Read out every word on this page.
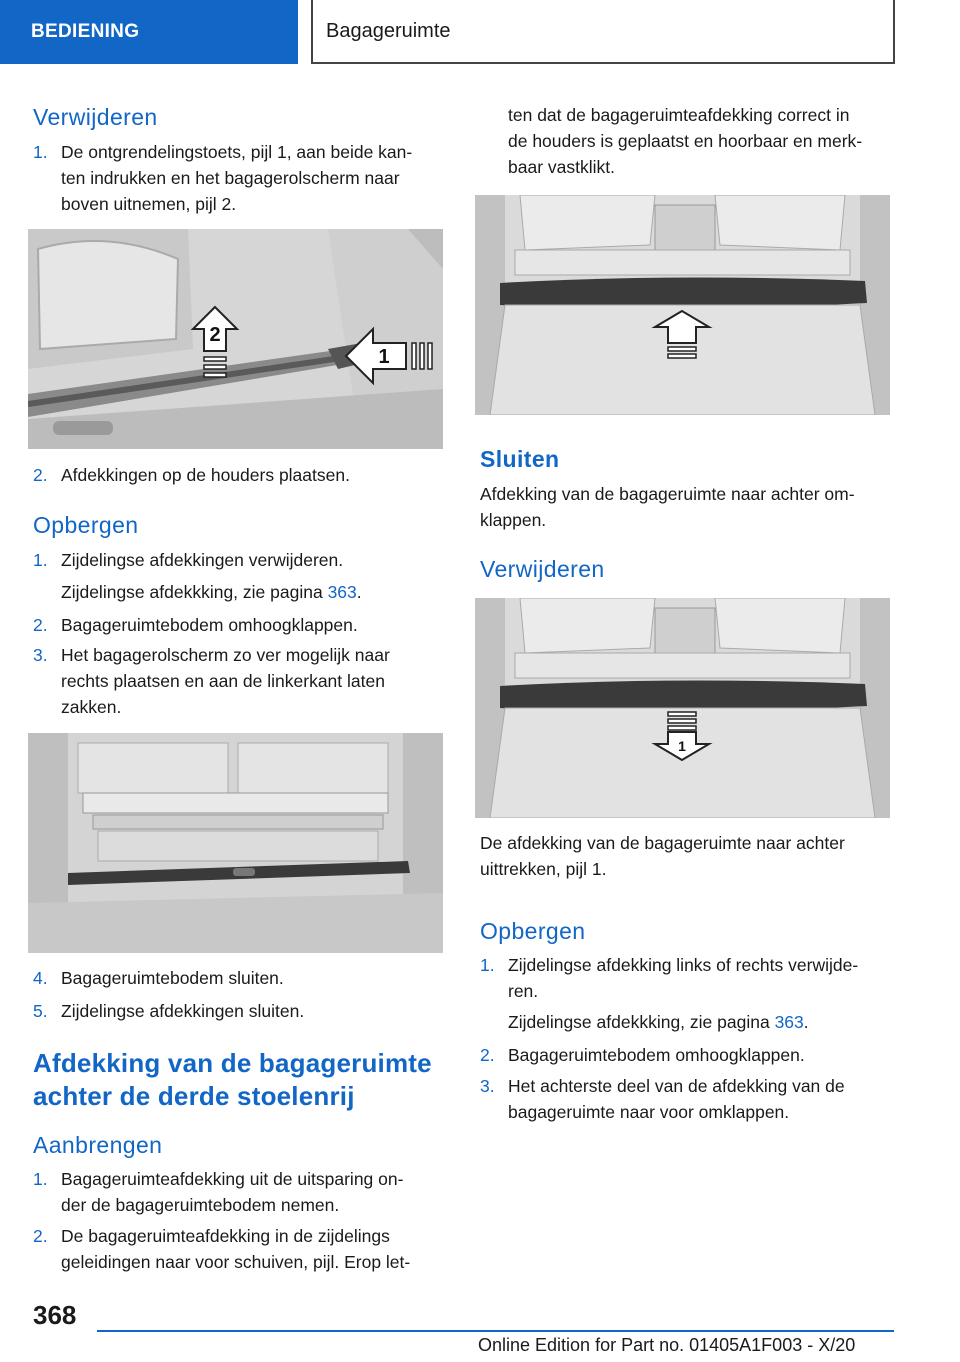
BEDIENING	Bagageruimte
Verwijderen
1. De ontgrendelingstoets, pijl 1, aan beide kan-
ten indrukken en het bagagerolscherm naar
boven uitnemen, pijl 2.
2
1
2. Afdekkingen op de houders plaatsen.
Opbergen
1. Zijdelingse afdekkingen verwijderen.
Zijdelingse afdekkking, zie pagina 363.
2. Bagageruimtebodem omhoogklappen.
3. Het bagagerolscherm zo ver mogelijk naar
rechts plaatsen en aan de linkerkant laten
zakken.
4. Bagageruimtebodem sluiten.
5. Zijdelingse afdekkingen sluiten.
Afdekking van de bagageruimte
achter de derde stoelenrij
Aanbrengen
1. Bagageruimteafdekking uit de uitsparing on-
der de bagageruimtebodem nemen.
2. De bagageruimteafdekking in de zijdelings
geleidingen naar voor schuiven, pijl. Erop let-
ten dat de bagageruimteafdekking correct in
de houders is geplaatst en hoorbaar en merk-
baar vastklikt.
Sluiten
Afdekking van de bagageruimte naar achter om-
klappen.
Verwijderen
1
De afdekking van de bagageruimte naar achter
uittrekken, pijl 1.
Opbergen
1. Zijdelingse afdekking links of rechts verwijde-
ren.
Zijdelingse afdekkking, zie pagina 363.
2. Bagageruimtebodem omhoogklappen.
3. Het achterste deel van de afdekking van de
bagageruimte naar voor omklappen.
368
Online Edition for Part no. 01405A1F003 - X/20
